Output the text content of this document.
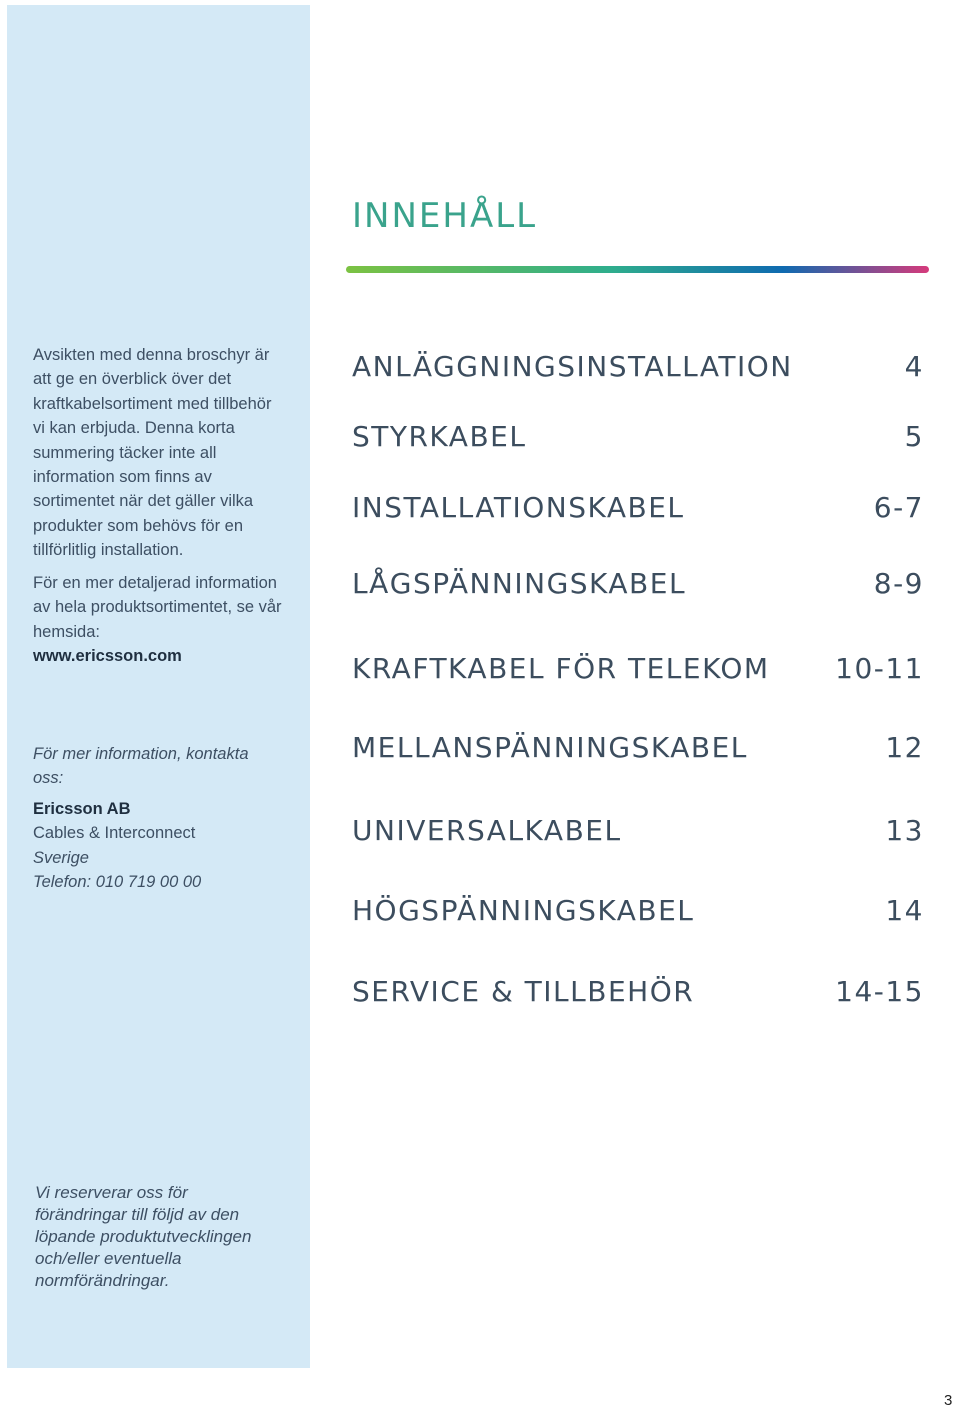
Avsikten med denna broschyr är att ge en överblick över det kraftkabelsortiment med tillbehör vi kan erbjuda. Denna korta summering täcker inte all information som finns av sortimentet när det gäller vilka produkter som behövs för en tillförlitlig installation.
För en mer detaljerad information av hela produktsortimentet, se vår hemsida:
www.ericsson.com
För mer information, kontakta oss:
Ericsson AB
Cables & Interconnect
Sverige
Telefon: 010 719 00 00
Vi reserverar oss för förändringar till följd av den löpande produktutvecklingen och/eller eventuella normförändringar.
INNEHÅLL
ANLÄGGNINGSINSTALLATION	4
STYRKABEL	5
INSTALLATIONSKABEL	6-7
LÅGSPÄNNINGSKABEL	8-9
KRAFTKABEL FÖR TELEKOM 10-11
MELLANSPÄNNINGSKABEL	12
UNIVERSALKABEL	13
HÖGSPÄNNINGSKABEL	14
SERVICE & TILLBEHÖR	14-15
3
